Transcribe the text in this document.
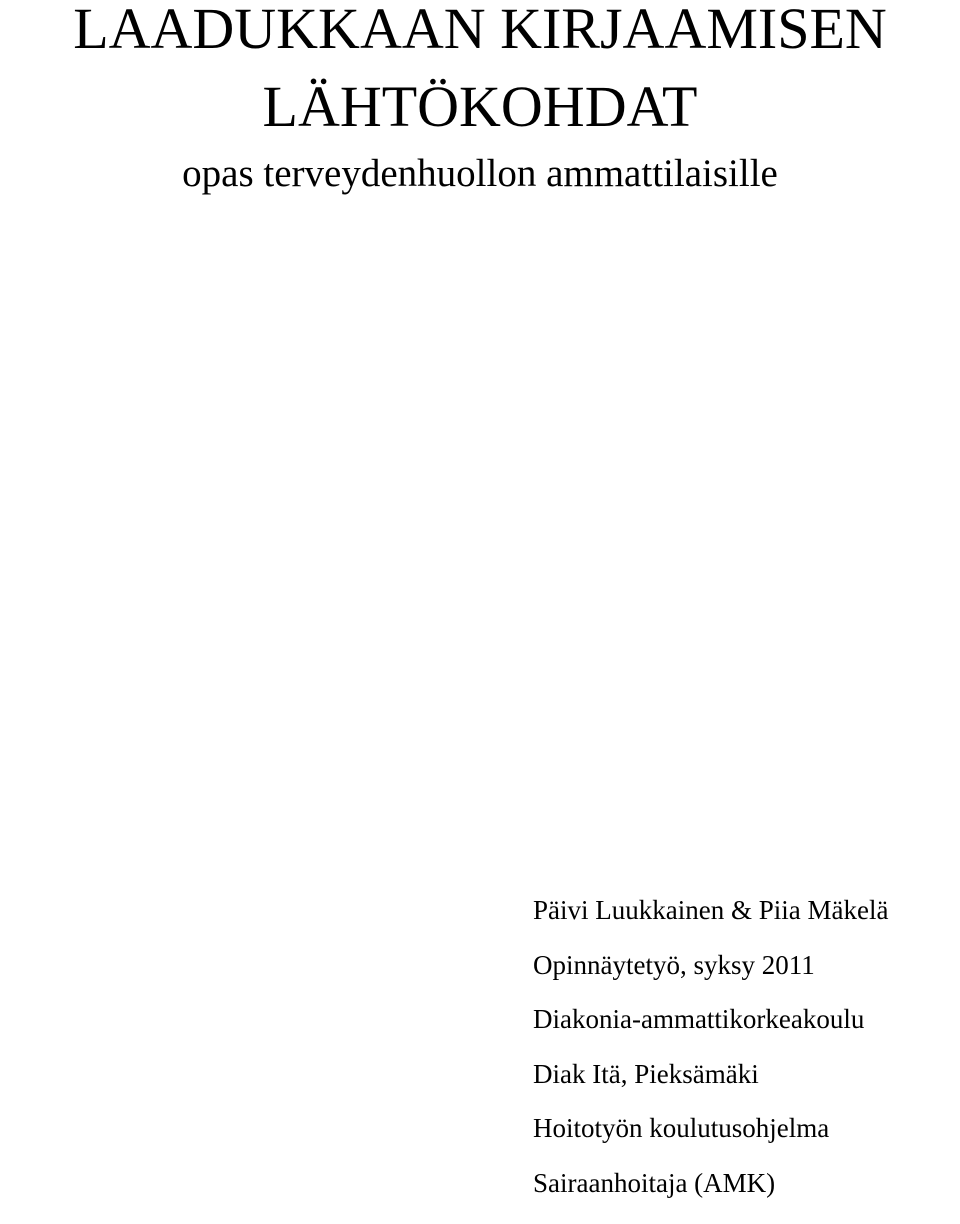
LAADUKKAAN KIRJAAMISEN
LÄHTÖKOHDAT
opas terveydenhuollon ammattilaisille
Päivi Luukkainen & Piia Mäkelä
Opinnäytetyö, syksy 2011
Diakonia-ammattikorkeakoulu
Diak Itä, Pieksämäki
Hoitotyön koulutusohjelma
Sairaanhoitaja (AMK)
